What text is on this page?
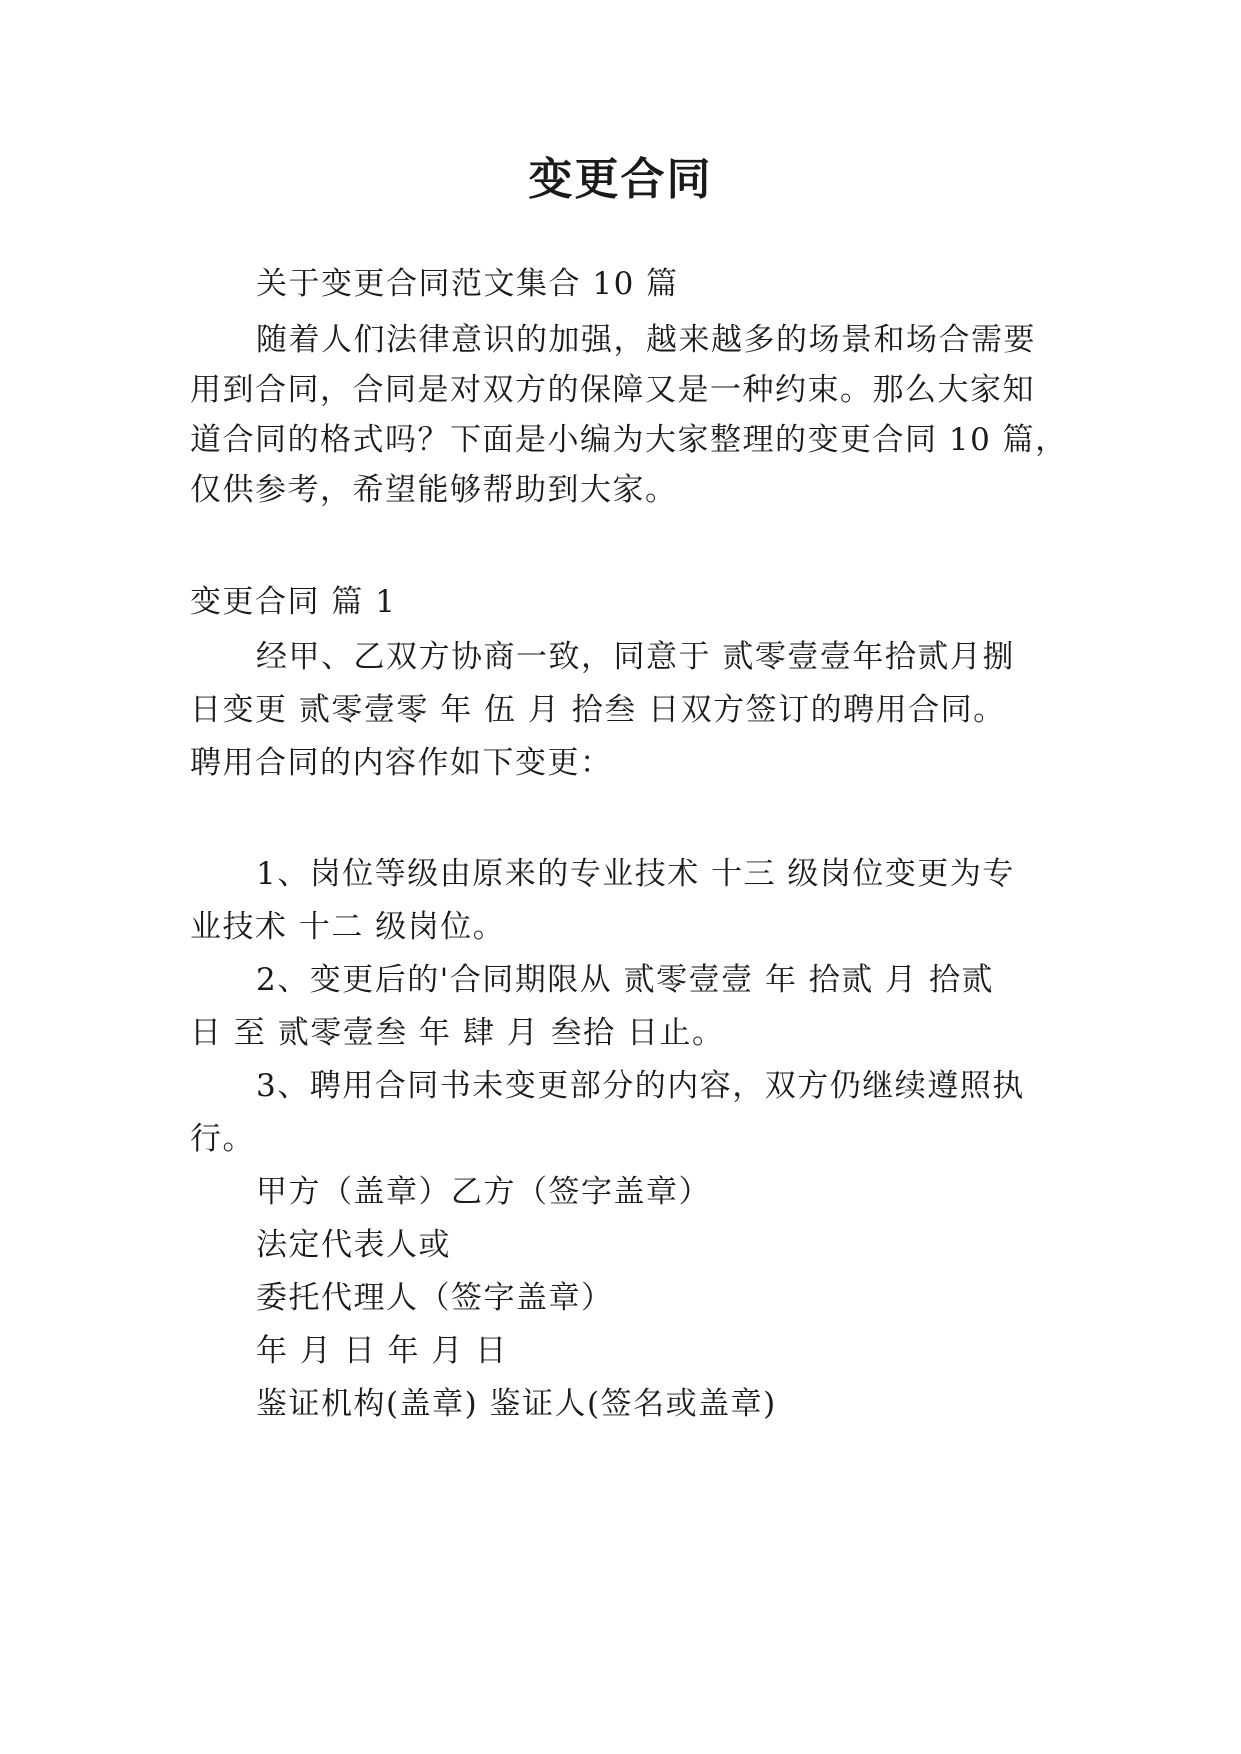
变更合同
关于变更合同范文集合 10 篇
随着人们法律意识的加强，越来越多的场景和场合需要
用到合同，合同是对双方的保障又是一种约束。那么大家知
道合同的格式吗？下面是小编为大家整理的变更合同 10 篇，
仅供参考，希望能够帮助到大家。
变更合同 篇 1
经甲、乙双方协商一致，同意于 贰零壹壹年拾贰月捌
日变更 贰零壹零 年 伍 月 拾叁 日双方签订的聘用合同。
聘用合同的内容作如下变更：
1、岗位等级由原来的专业技术 十三 级岗位变更为专
业技术 十二 级岗位。
2、变更后的'合同期限从 贰零壹壹 年 拾贰 月 拾贰
日 至 贰零壹叁 年 肆 月 叁拾 日止。
3、聘用合同书未变更部分的内容，双方仍继续遵照执
行。
甲方（盖章）乙方（签字盖章）
法定代表人或
委托代理人（签字盖章）
年 月 日 年 月 日
鉴证机构(盖章) 鉴证人(签名或盖章)
